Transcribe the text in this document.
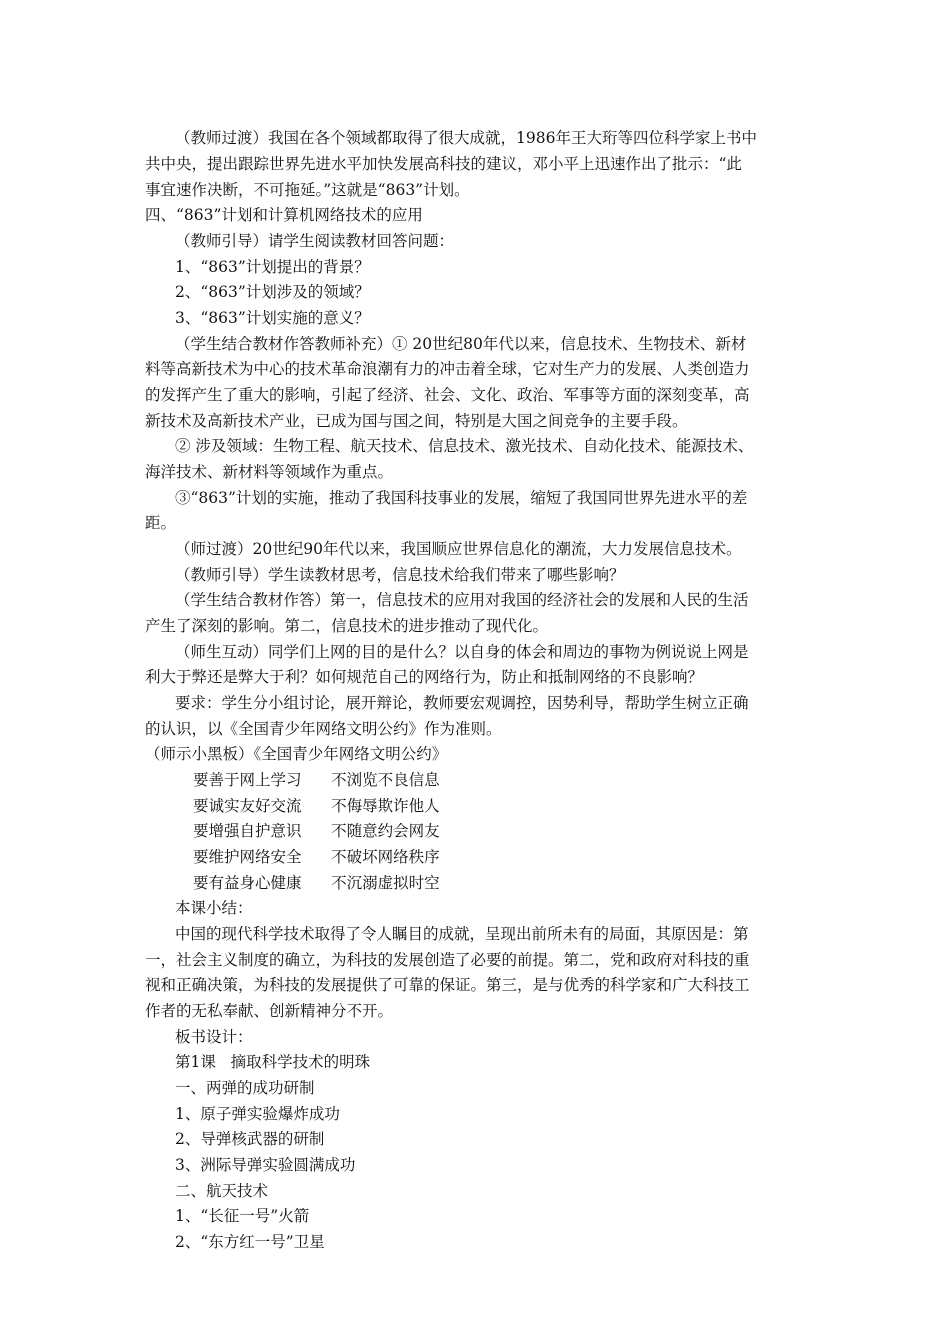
（教师过渡）我国在各个领域都取得了很大成就，1986年王大珩等四位科学家上书中
共中央，提出跟踪世界先进水平加快发展高科技的建议，邓小平上迅速作出了批示：“此
事宜速作决断，不可拖延。”这就是“863”计划。
四、“863”计划和计算机网络技术的应用
（教师引导）请学生阅读教材回答问题：
1、“863”计划提出的背景？
2、“863”计划涉及的领域？
3、“863”计划实施的意义？
（学生结合教材作答教师补充）① 20世纪80年代以来，信息技术、生物技术、新材
料等高新技术为中心的技术革命浪潮有力的冲击着全球，它对生产力的发展、人类创造力
的发挥产生了重大的影响，引起了经济、社会、文化、政治、军事等方面的深刻变革，高
新技术及高新技术产业，已成为国与国之间，特别是大国之间竞争的主要手段。
② 涉及领域：生物工程、航天技术、信息技术、激光技术、自动化技术、能源技术、
海洋技术、新材料等领域作为重点。
③“863”计划的实施，推动了我国科技事业的发展，缩短了我国同世界先进水平的差
距。
（师过渡）20世纪90年代以来，我国顺应世界信息化的潮流，大力发展信息技术。
（教师引导）学生读教材思考，信息技术给我们带来了哪些影响？
（学生结合教材作答）第一，信息技术的应用对我国的经济社会的发展和人民的生活
产生了深刻的影响。第二，信息技术的进步推动了现代化。
（师生互动）同学们上网的目的是什么？以自身的体会和周边的事物为例说说上网是
利大于弊还是弊大于利？如何规范自己的网络行为，防止和抵制网络的不良影响？
要求：学生分小组讨论，展开辩论，教师要宏观调控，因势利导，帮助学生树立正确
的认识，以《全国青少年网络文明公约》作为准则。
（师示小黑板）《全国青少年网络文明公约》
要善于网上学习      不浏览不良信息
要诚实友好交流      不侮辱欺诈他人
要增强自护意识      不随意约会网友
要维护网络安全      不破坏网络秩序
要有益身心健康      不沉溺虚拟时空
本课小结：
中国的现代科学技术取得了令人瞩目的成就，呈现出前所未有的局面，其原因是：第
一，社会主义制度的确立，为科技的发展创造了必要的前提。第二，党和政府对科技的重
视和正确决策，为科技的发展提供了可靠的保证。第三，是与优秀的科学家和广大科技工
作者的无私奉献、创新精神分不开。
板书设计：
第1课   摘取科学技术的明珠
一、两弹的成功研制
1、原子弹实验爆炸成功
2、导弹核武器的研制
3、洲际导弹实验圆满成功
二、航天技术
1、“长征一号”火箭
2、“东方红一号”卫星
